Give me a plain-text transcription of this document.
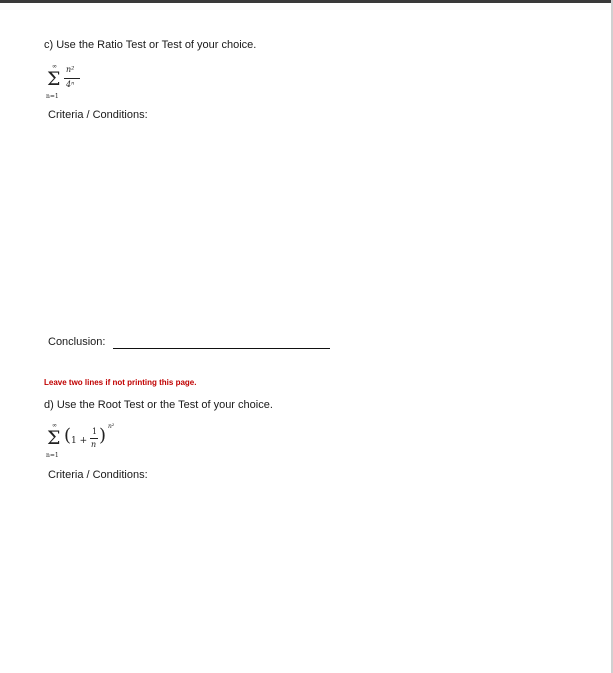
c) Use the Ratio Test or Test of your choice.
∞
Σ n²
4ⁿ
n=1
Criteria / Conditions:
Conclusion:
Leave two lines if not printing this page.
d) Use the Root Test or the Test of your choice.
∞
Σ ( 1 +
1
n ) n²
n=1
Criteria / Conditions:
